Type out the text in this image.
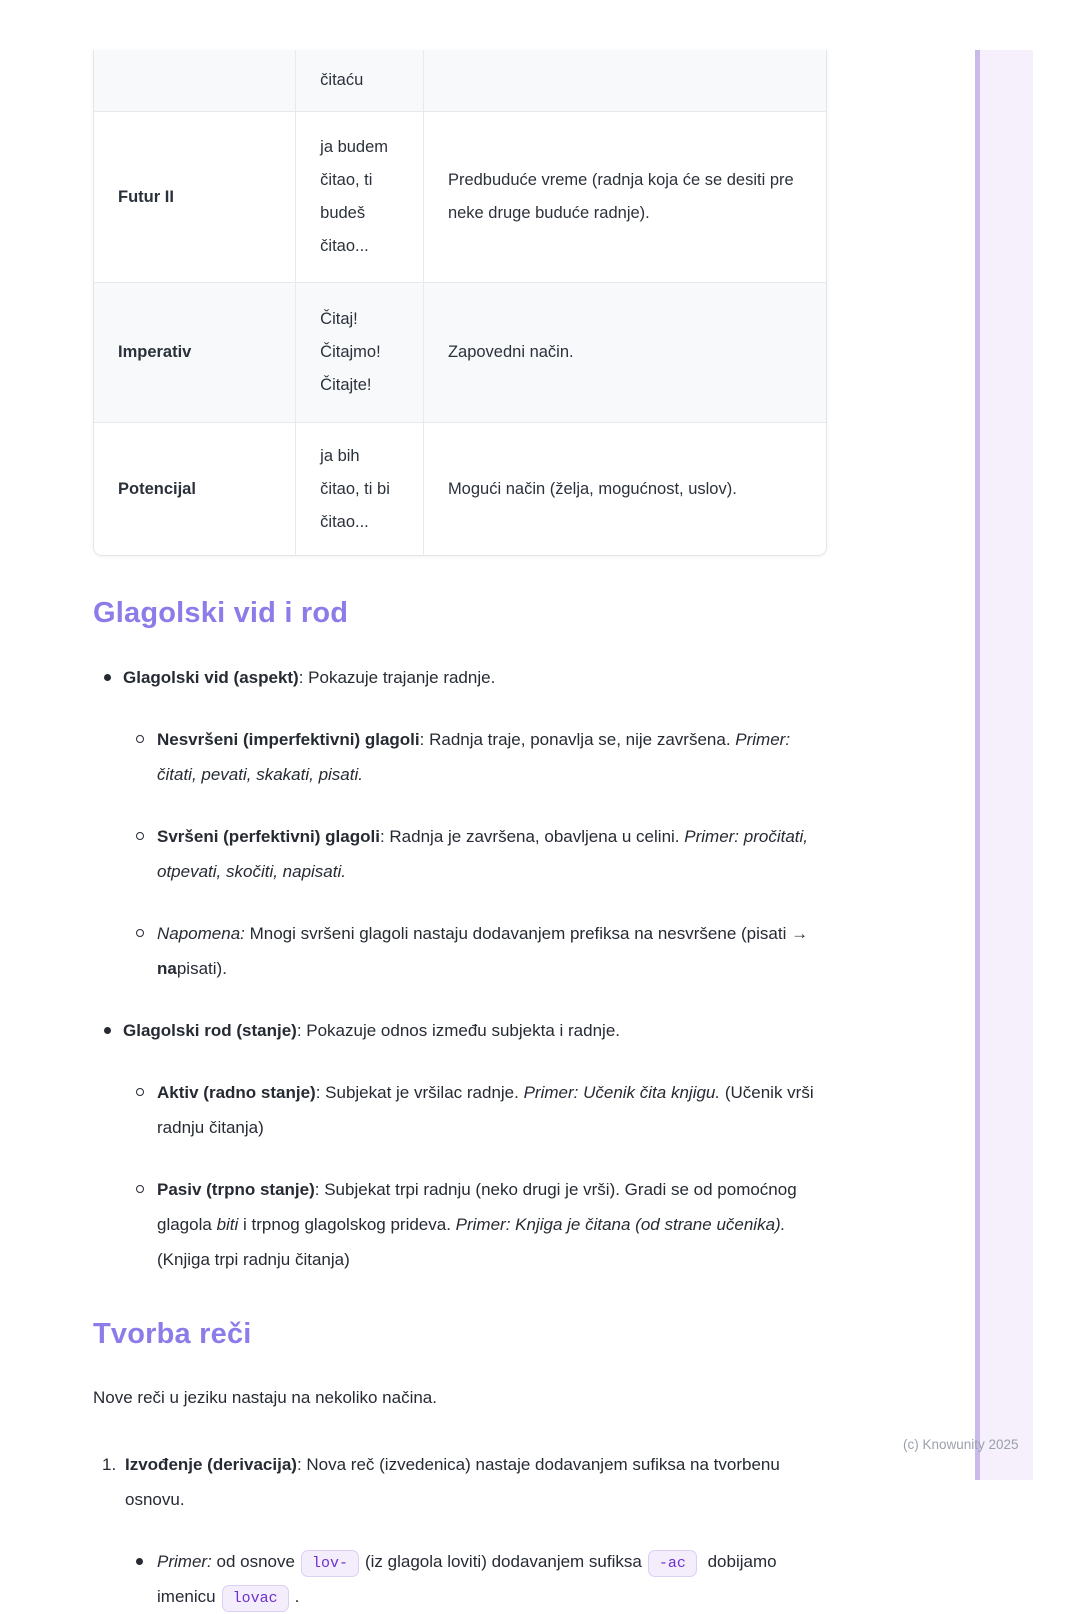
	čitaću	

Futur II	ja budem
čitao, ti
budeš
čitao...	Predbuduće vreme (radnja koja će se desiti pre neke druge buduće radnje).
Imperativ	Čitaj!
Čitajmo!
Čitajte!	Zapovedni način.
Potencijal	ja bih
čitao, ti bi
čitao...	Mogući način (želja, mogućnost, uslov).
Glagolski vid i rod
Glagolski vid (aspekt): Pokazuje trajanje radnje.
Nesvršeni (imperfektivni) glagoli: Radnja traje, ponavlja se, nije završena. Primer: čitati, pevati, skakati, pisati.
Svršeni (perfektivni) glagoli: Radnja je završena, obavljena u celini. Primer: pročitati, otpevati, skočiti, napisati.
Napomena: Mnogi svršeni glagoli nastaju dodavanjem prefiksa na nesvršene (pisati → napisati).
Glagolski rod (stanje): Pokazuje odnos između subjekta i radnje.
Aktiv (radno stanje): Subjekat je vršilac radnje. Primer: Učenik čita knjigu. (Učenik vrši radnju čitanja)
Pasiv (trpno stanje): Subjekat trpi radnju (neko drugi je vrši). Gradi se od pomoćnog glagola biti i trpnog glagolskog prideva. Primer: Knjiga je čitana (od strane učenika). (Knjiga trpi radnju čitanja)
Tvorba reči

Nove reči u jeziku nastaju na nekoliko načina.

1. Izvođenje (derivacija): Nova reč (izvedenica) nastaje dodavanjem sufiksa na tvorbenu osnovu.
Primer: od osnove lov- (iz glagola loviti) dodavanjem sufiksa -ac dobijamo imenicu lovac .
(c) Knowunity 2025
